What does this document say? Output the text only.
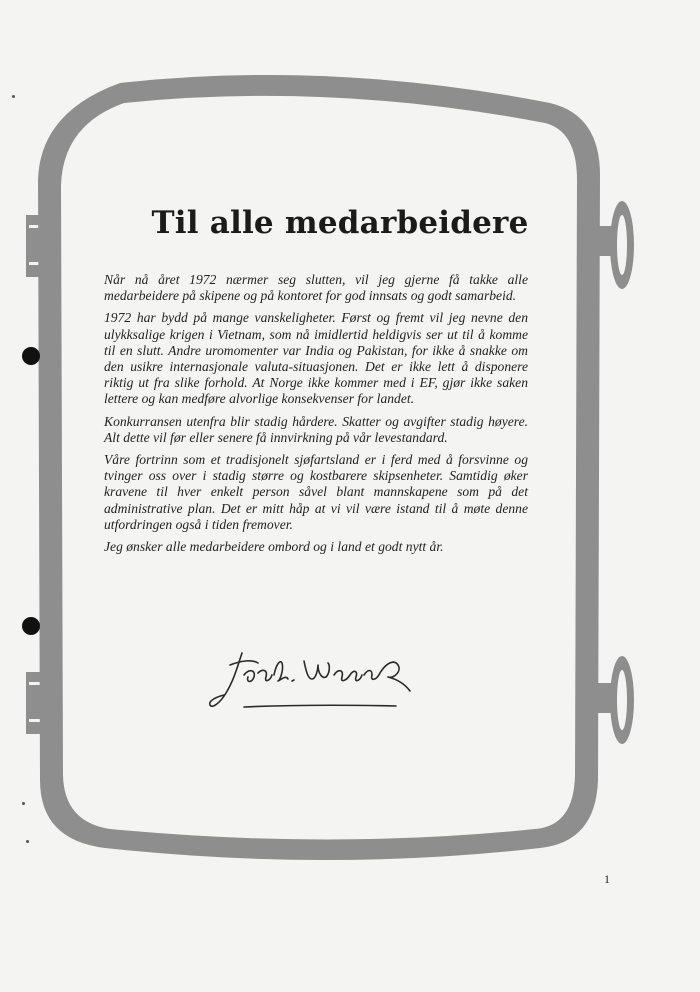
Til alle medarbeidere

Når nå året 1972 nærmer seg slutten, vil jeg gjerne få takke alle medarbeidere på skipene og på kontoret for god innsats og godt samarbeid.

1972 har bydd på mange vanskeligheter. Først og fremt vil jeg nevne den ulykksalige krigen i Vietnam, som nå imidlertid heldigvis ser ut til å komme til en slutt. Andre uromomenter var India og Pakistan, for ikke å snakke om den usikre internasjonale valuta-situasjonen. Det er ikke lett å disponere riktig ut fra slike forhold. At Norge ikke kommer med i EF, gjør ikke saken lettere og kan medføre alvorlige konsekvenser for landet.

Konkurransen utenfra blir stadig hårdere. Skatter og avgifter stadig høyere. Alt dette vil før eller senere få innvirkning på vår levestandard.

Våre fortrinn som et tradisjonelt sjøfartsland er i ferd med å forsvinne og tvinger oss over i stadig større og kostbarere skipsenheter. Samtidig øker kravene til hver enkelt person såvel blant mannskapene som på det administrative plan. Det er mitt håp at vi vil være istand til å møte denne utfordringen også i tiden fremover.

Jeg ønsker alle medarbeidere ombord og i land et godt nytt år.

1
